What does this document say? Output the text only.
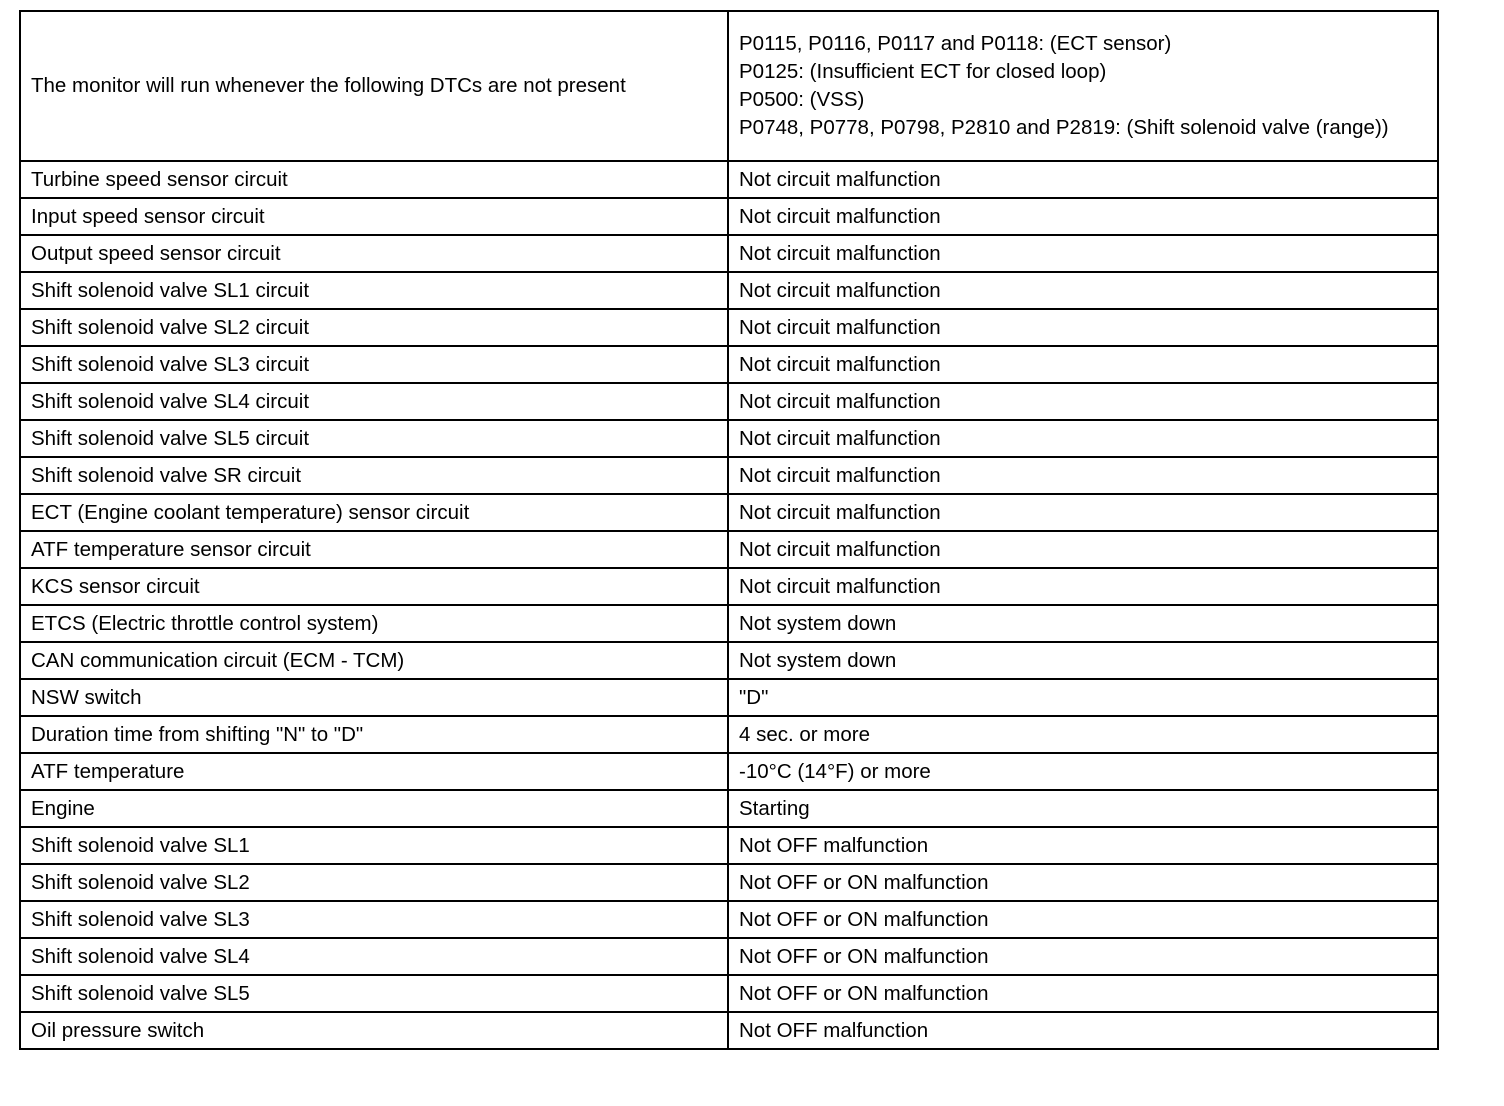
The monitor will run whenever the following DTCs are not present	P0115, P0116, P0117 and P0118: (ECT sensor)
P0125: (Insufficient ECT for closed loop)
P0500: (VSS)
P0748, P0778, P0798, P2810 and P2819: (Shift solenoid valve (range))

Turbine speed sensor circuit	Not circuit malfunction
Input speed sensor circuit	Not circuit malfunction
Output speed sensor circuit	Not circuit malfunction
Shift solenoid valve SL1 circuit	Not circuit malfunction
Shift solenoid valve SL2 circuit	Not circuit malfunction
Shift solenoid valve SL3 circuit	Not circuit malfunction
Shift solenoid valve SL4 circuit	Not circuit malfunction
Shift solenoid valve SL5 circuit	Not circuit malfunction
Shift solenoid valve SR circuit	Not circuit malfunction
ECT (Engine coolant temperature) sensor circuit	Not circuit malfunction
ATF temperature sensor circuit	Not circuit malfunction
KCS sensor circuit	Not circuit malfunction
ETCS (Electric throttle control system)	Not system down
CAN communication circuit (ECM - TCM)	Not system down
NSW switch	"D"
Duration time from shifting "N" to "D"	4 sec. or more
ATF temperature	-10°C (14°F) or more
Engine	Starting
Shift solenoid valve SL1	Not OFF malfunction
Shift solenoid valve SL2	Not OFF or ON malfunction
Shift solenoid valve SL3	Not OFF or ON malfunction
Shift solenoid valve SL4	Not OFF or ON malfunction
Shift solenoid valve SL5	Not OFF or ON malfunction
Oil pressure switch	Not OFF malfunction
